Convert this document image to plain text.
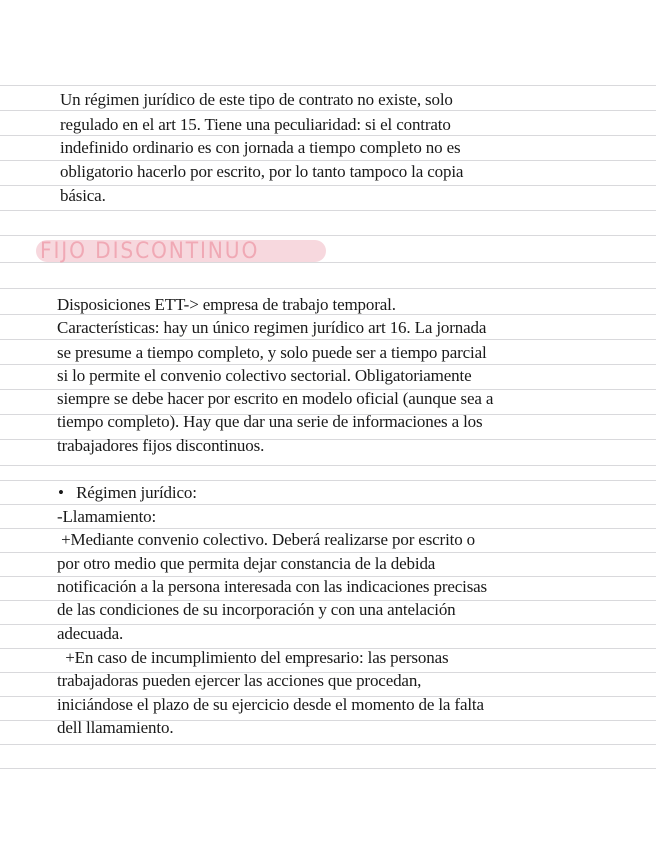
Un régimen jurídico de este tipo de contrato no existe, solo
regulado en el art 15. Tiene una peculiaridad: si el contrato
indefinido ordinario es con jornada a tiempo completo no es
obligatorio hacerlo por escrito, por lo tanto tampoco la copia
básica.
FIJO DISCONTINUO
Disposiciones ETT-> empresa de trabajo temporal.
Características: hay un único regimen jurídico art 16. La jornada
se presume a tiempo completo, y solo puede ser a tiempo parcial
si lo permite el convenio colectivo sectorial. Obligatoriamente
siempre se debe hacer por escrito en modelo oficial (aunque sea a
tiempo completo). Hay que dar una serie de informaciones a los
trabajadores fijos discontinuos.
•   Régimen jurídico:
-Llamamiento:
+Mediante convenio colectivo. Deberá realizarse por escrito o
por otro medio que permita dejar constancia de la debida
notificación a la persona interesada con las indicaciones precisas
de las condiciones de su incorporación y con una antelación
adecuada.
+En caso de incumplimiento del empresario: las personas
trabajadoras pueden ejercer las acciones que procedan,
iniciándose el plazo de su ejercicio desde el momento de la falta
dell llamamiento.
